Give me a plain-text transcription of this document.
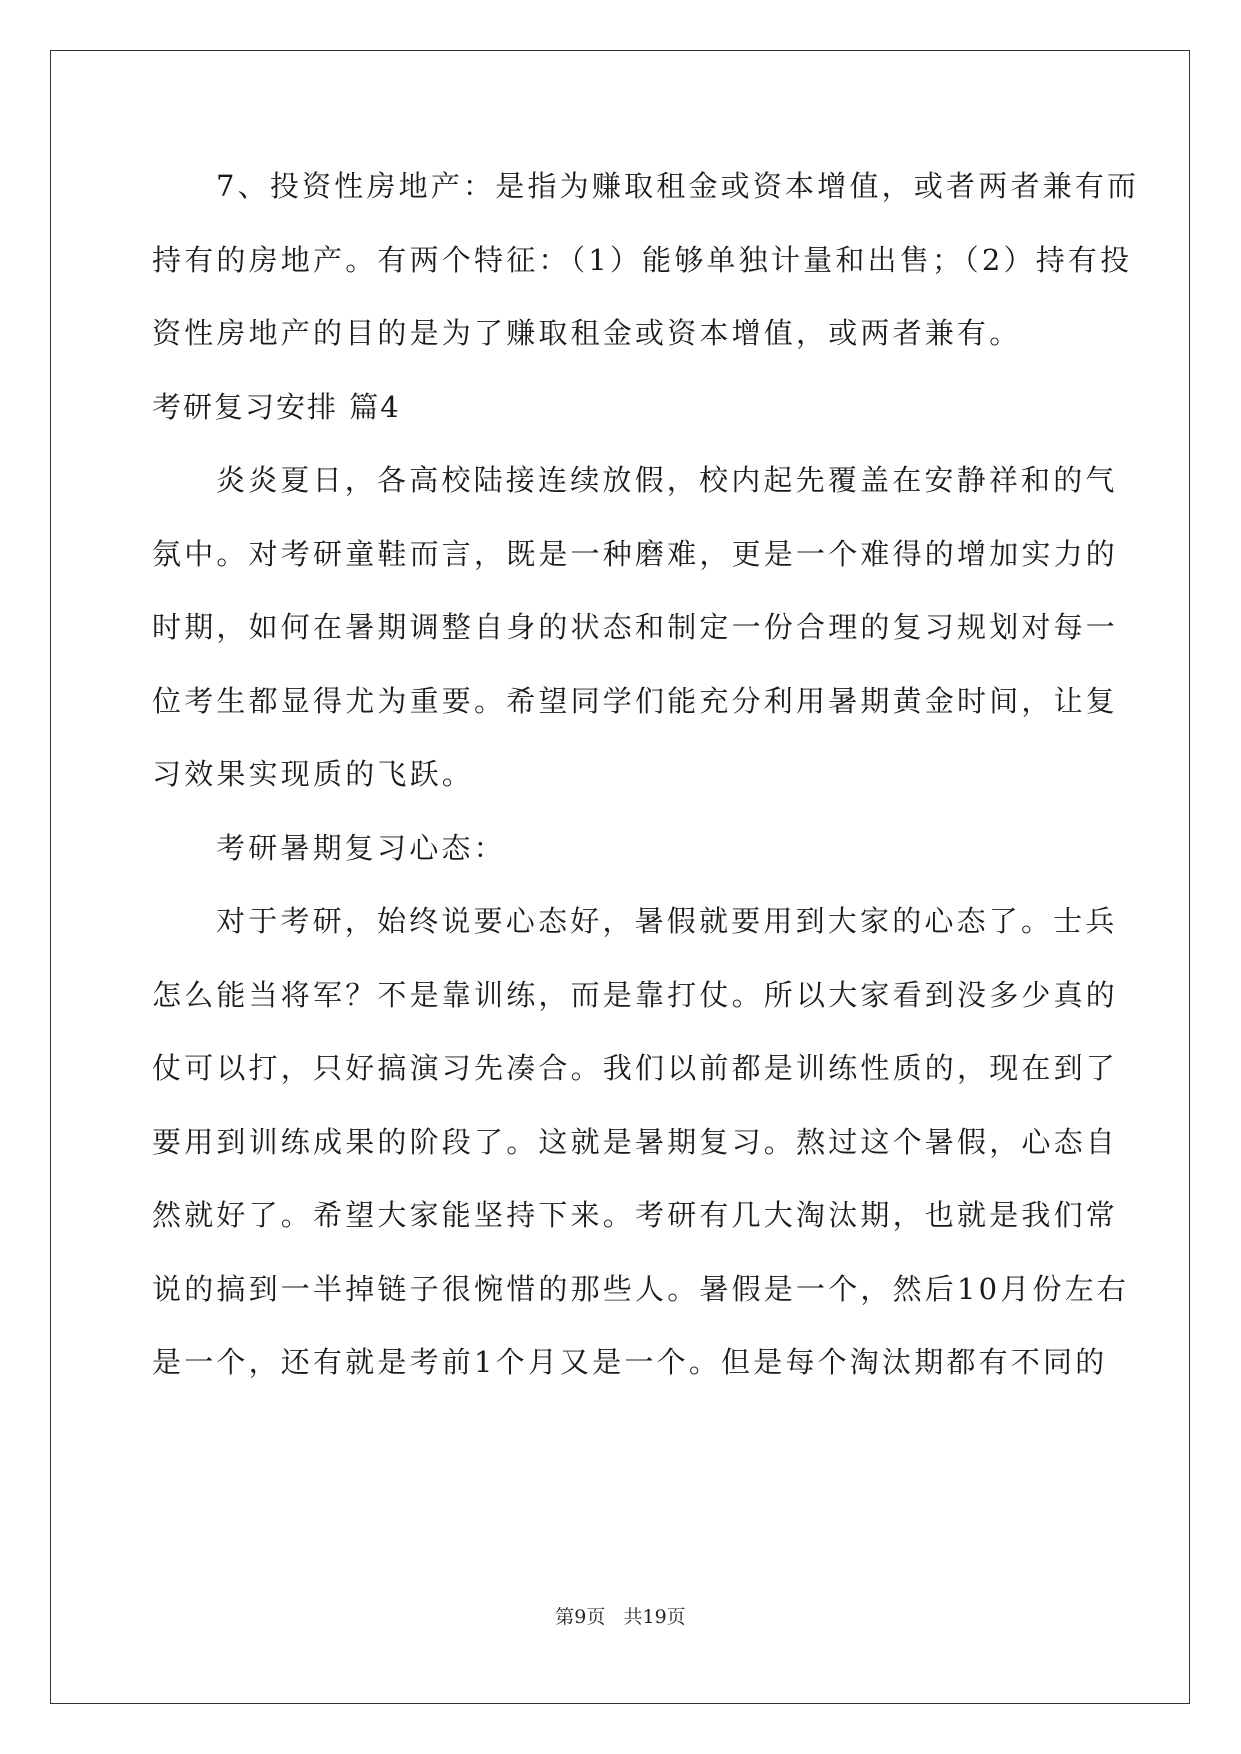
7、投资性房地产：是指为赚取租金或资本增值，或者两者兼有而
持有的房地产。有两个特征：（1）能够单独计量和出售；（2）持有投
资性房地产的目的是为了赚取租金或资本增值，或两者兼有。
考研复习安排 篇4
炎炎夏日，各高校陆接连续放假，校内起先覆盖在安静祥和的气
氛中。对考研童鞋而言，既是一种磨难，更是一个难得的增加实力的
时期，如何在暑期调整自身的状态和制定一份合理的复习规划对每一
位考生都显得尤为重要。希望同学们能充分利用暑期黄金时间，让复
习效果实现质的飞跃。
考研暑期复习心态：
对于考研，始终说要心态好，暑假就要用到大家的心态了。士兵
怎么能当将军？不是靠训练，而是靠打仗。所以大家看到没多少真的
仗可以打，只好搞演习先凑合。我们以前都是训练性质的，现在到了
要用到训练成果的阶段了。这就是暑期复习。熬过这个暑假，心态自
然就好了。希望大家能坚持下来。考研有几大淘汰期，也就是我们常
说的搞到一半掉链子很惋惜的那些人。暑假是一个，然后10月份左右
是一个，还有就是考前1个月又是一个。但是每个淘汰期都有不同的
第9页   共19页
